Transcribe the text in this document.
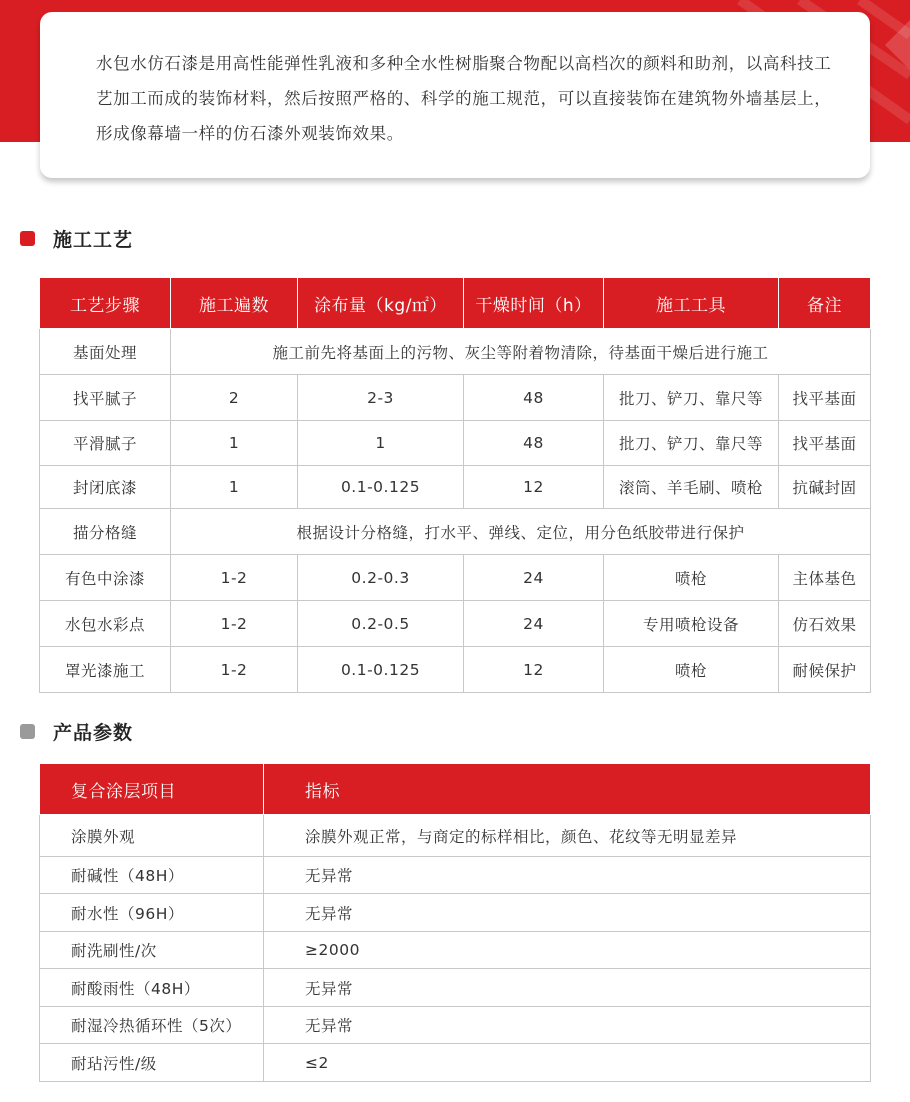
水包水仿石漆是用高性能弹性乳液和多种全水性树脂聚合物配以高档次的颜料和助剂，以高科技工艺加工而成的装饰材料，然后按照严格的、科学的施工规范，可以直接装饰在建筑物外墙基层上，形成像幕墙一样的仿石漆外观装饰效果。

施工工艺
工艺步骤	施工遍数	涂布量（kg/㎡）	干燥时间（h）	施工工具	备注
基面处理	施工前先将基面上的污物、灰尘等附着物清除，待基面干燥后进行施工				
找平腻子	2	2-3	48	批刀、铲刀、靠尺等	找平基面
平滑腻子	1	1	48	批刀、铲刀、靠尺等	找平基面
封闭底漆	1	0.1-0.125	12	滚筒、羊毛刷、喷枪	抗碱封固
描分格缝	根据设计分格缝，打水平、弹线、定位，用分色纸胶带进行保护				
有色中涂漆	1-2	0.2-0.3	24	喷枪	主体基色
水包水彩点	1-2	0.2-0.5	24	专用喷枪设备	仿石效果
罩光漆施工	1-2	0.1-0.125	12	喷枪	耐候保护
产品参数
复合涂层项目	指标
涂膜外观	涂膜外观正常，与商定的标样相比，颜色、花纹等无明显差异
耐碱性（48H）	无异常
耐水性（96H）	无异常
耐洗刷性/次	≥2000
耐酸雨性（48H）	无异常
耐湿冷热循环性（5次）	无异常
耐玷污性/级	≤2
